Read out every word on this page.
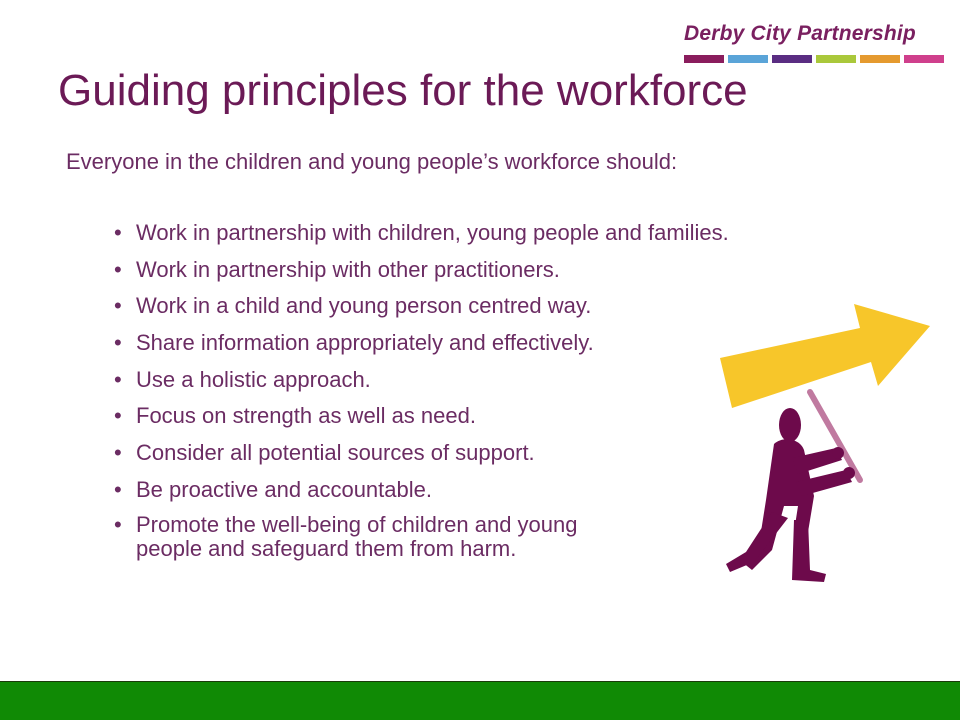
Derby City Partnership
Guiding principles for the workforce
Everyone in the children and young people’s workforce should:
• Work in partnership with children, young people and families.
• Work in partnership with other practitioners.
• Work in a child and young person centred way.
• Share information appropriately and effectively.
• Use a holistic approach.
• Focus on strength as well as need.
• Consider all potential sources of support.
• Be proactive and accountable.
• Promote the well-being of children and young
people and safeguard them from harm.
